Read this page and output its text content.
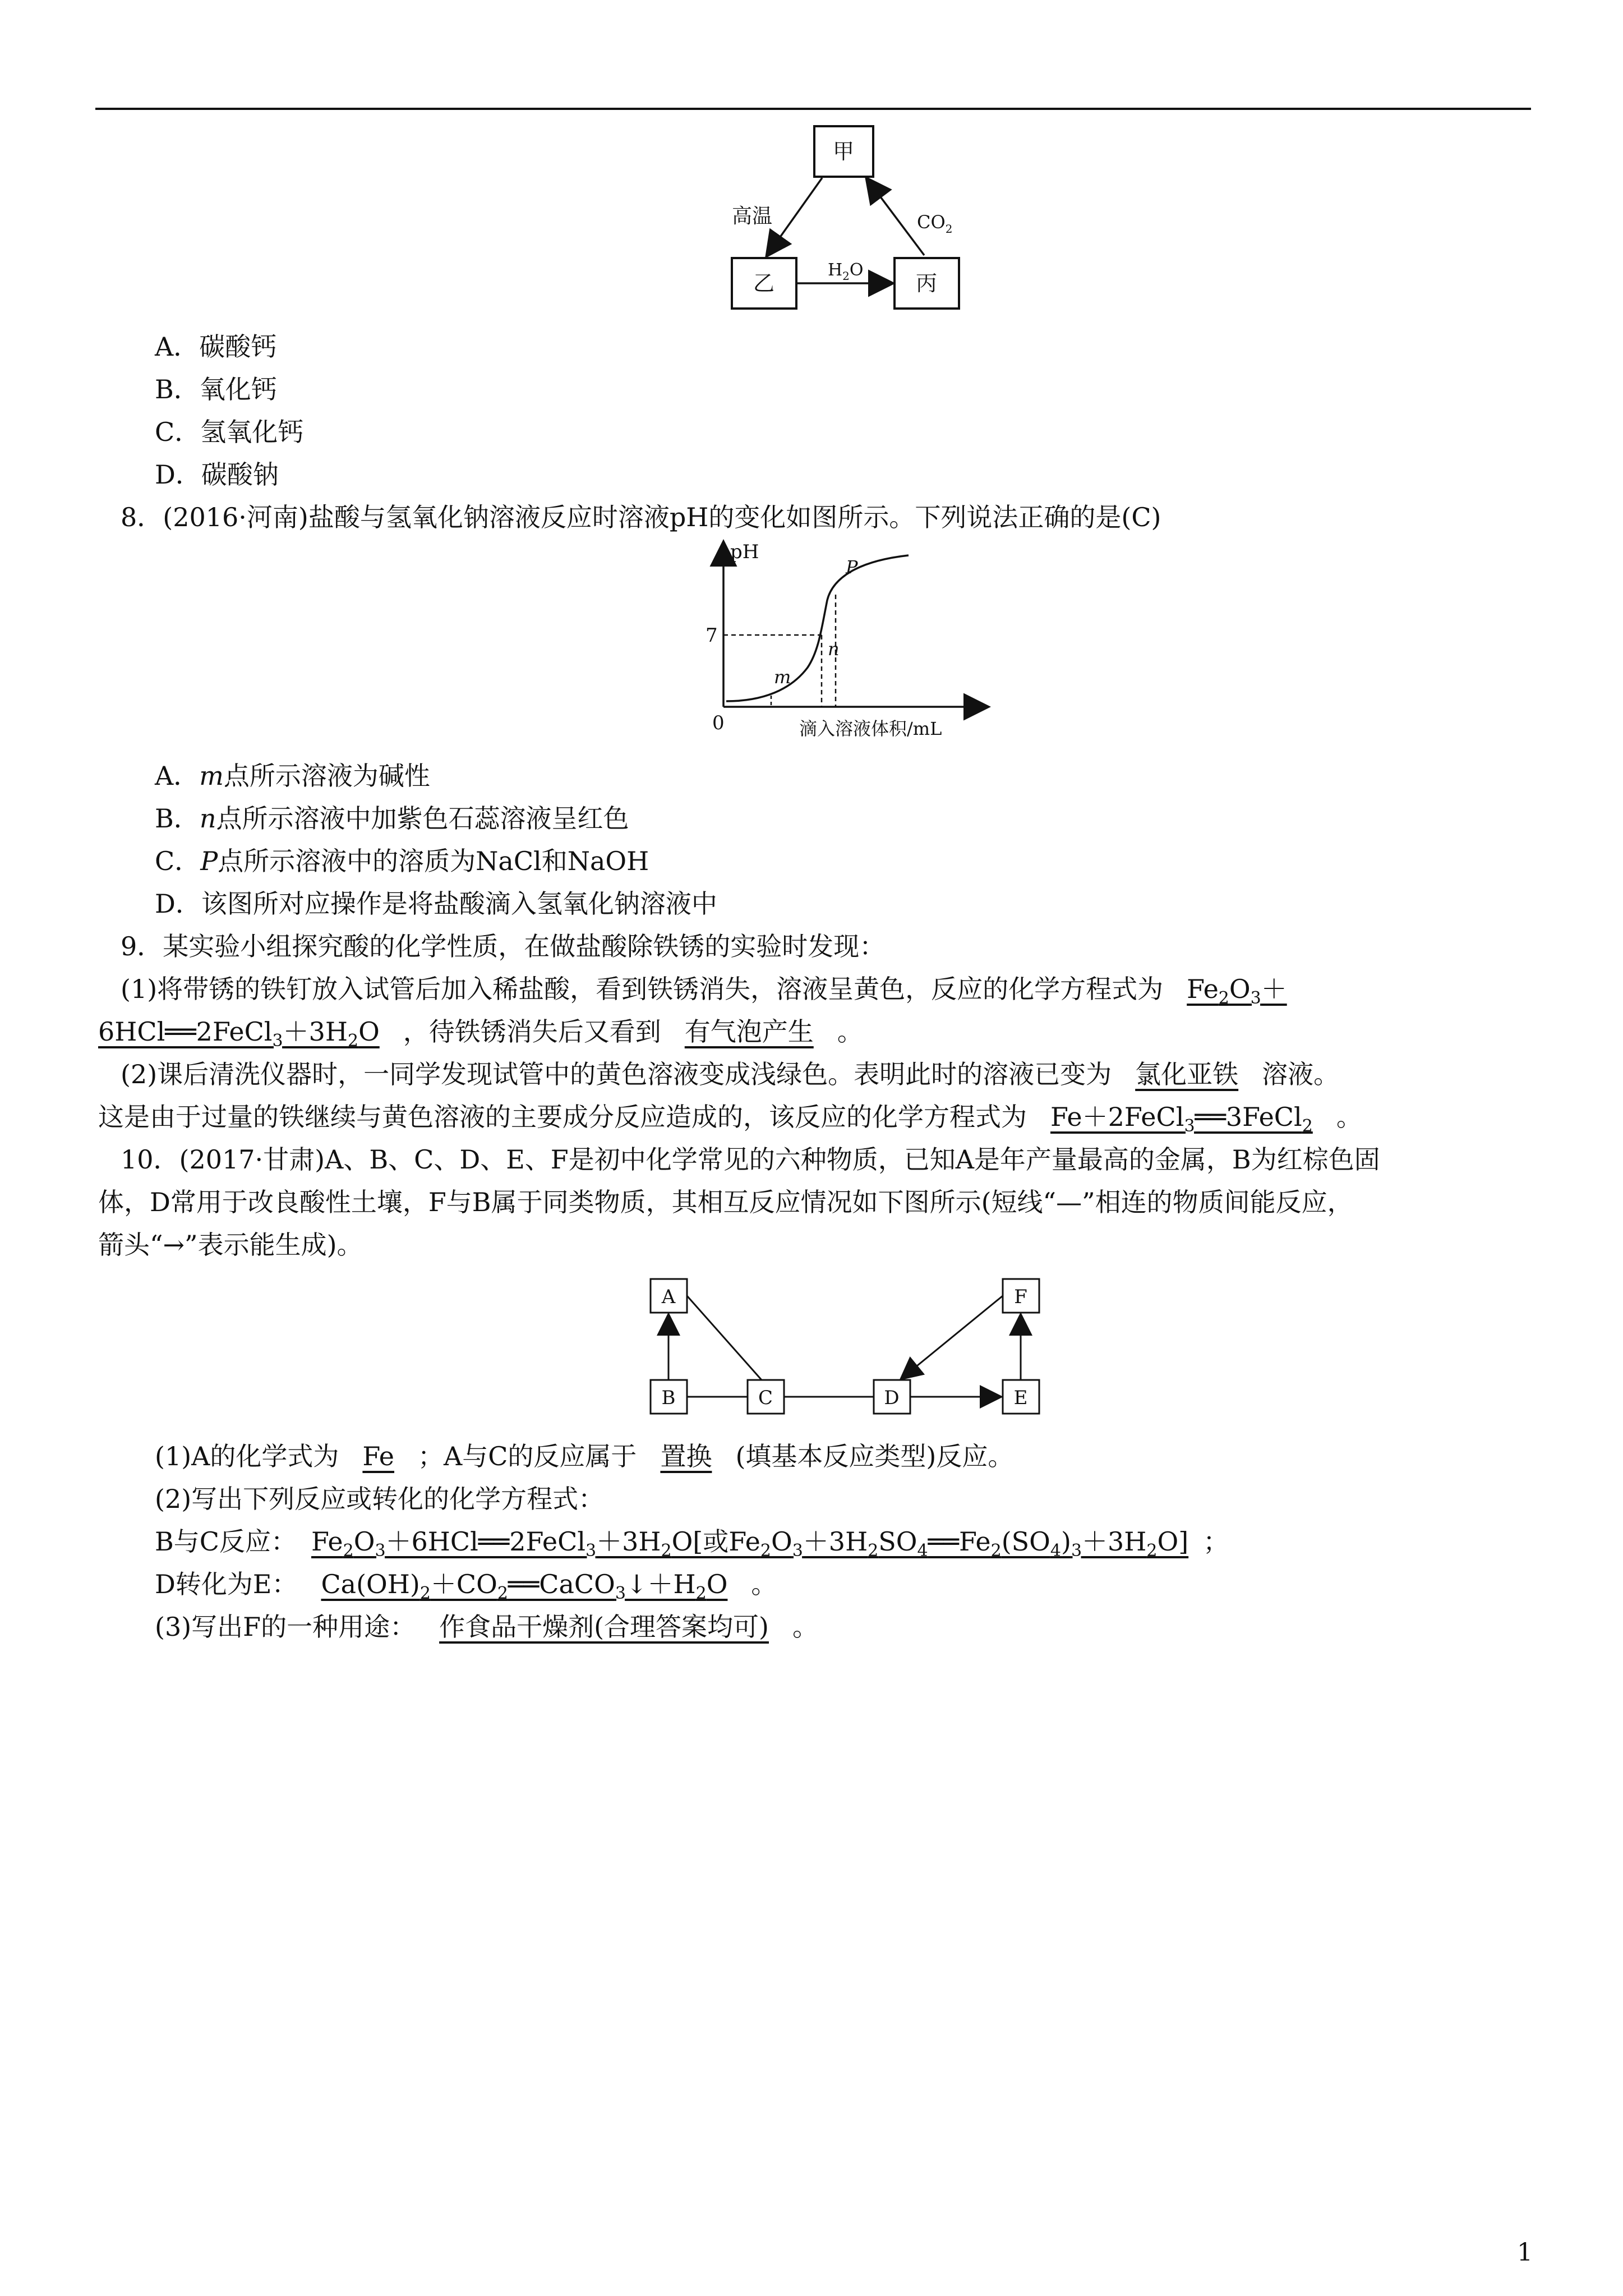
甲
乙	丙
高温	$CO_2$
$H_2O$
A．碳酸钙
B．氧化钙
C．氢氧化钙
D．碳酸钠
8．(2016·河南)盐酸与氢氧化钠溶液反应时溶液pH的变化如图所示。下列说法正确的是(C)
pH
7
0
m
n
P
滴入溶液体积/mL
A．m点所示溶液为碱性
B．n点所示溶液中加紫色石蕊溶液呈红色
C．P点所示溶液中的溶质为NaCl和NaOH
D．该图所对应操作是将盐酸滴入氢氧化钠溶液中
9．某实验小组探究酸的化学性质，在做盐酸除铁锈的实验时发现：
(1)将带锈的铁钉放入试管后加入稀盐酸，看到铁锈消失，溶液呈黄色，反应的化学方程式为 $Fe_2O_3+$
$6HCl══2FeCl_3+3H_2O$ ，待铁锈消失后又看到 有气泡产生 。
(2)课后清洗仪器时，一同学发现试管中的黄色溶液变成浅绿色。表明此时的溶液已变为 氯化亚铁 溶液。
这是由于过量的铁继续与黄色溶液的主要成分反应造成的，该反应的化学方程式为 Fe＋2FeCl$_3$══3FeCl$_2$ 。
10．(2017·甘肃)A、B、C、D、E、F是初中化学常见的六种物质，已知A是年产量最高的金属，B为红棕色固
体，D常用于改良酸性土壤，F与B属于同类物质，其相互反应情况如下图所示(短线“—”相连的物质间能反应，
箭头“→”表示能生成)。
A	F
B	C	D	E
(1)A的化学式为 Fe ；A与C的反应属于 置换 (填基本反应类型)反应。
(2)写出下列反应或转化的化学方程式：
B与C反应： $Fe_2O_3+6HCl══2FeCl_3+3H_2O$[或$Fe_2O_3+3H_2SO_4══Fe_2(SO_4)_3+3H_2O$] ；
D转化为E： $Ca(OH)_2+CO_2══CaCO_3↓+H_2O$ 。
(3)写出F的一种用途： 作食品干燥剂(合理答案均可) 。
1
